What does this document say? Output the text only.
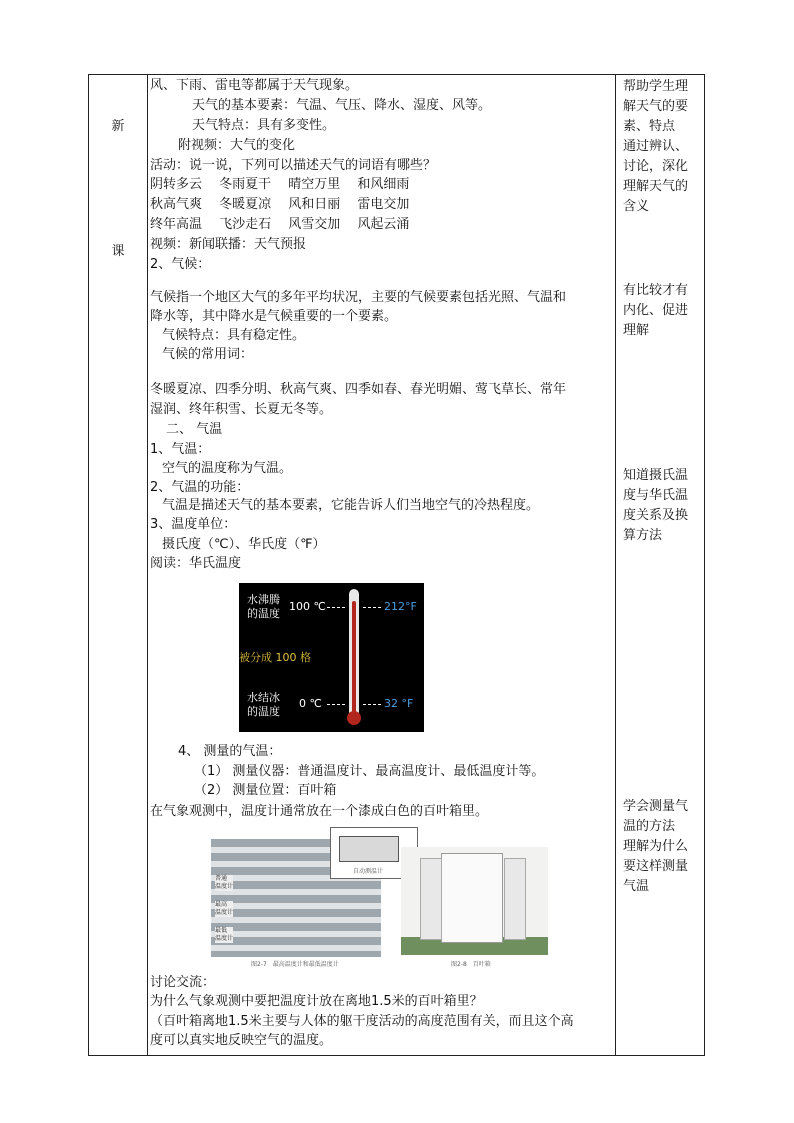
新
课
风、下雨、雷电等都属于天气现象。
天气的基本要素：气温、气压、降水、湿度、风等。
天气特点：具有多变性。
附视频：大气的变化
活动：说一说，下列可以描述天气的词语有哪些？
阴转多云　 冬雨夏干　 晴空万里　 和风细雨
秋高气爽　 冬暖夏凉　 风和日丽　 雷电交加
终年高温　 飞沙走石　 风雪交加　 风起云涌
视频：新闻联播：天气预报
2、气候：
气候指一个地区大气的多年平均状况，主要的气候要素包括光照、气温和
降水等，其中降水是气候重要的一个要素。
气候特点：具有稳定性。
气候的常用词：
冬暖夏凉、四季分明、秋高气爽、四季如春、春光明媚、莺飞草长、常年
湿润、终年积雪、长夏无冬等。
二、 气温
1、气温：
空气的温度称为气温。
2、气温的功能：
气温是描述天气的基本要素，它能告诉人们当地空气的冷热程度。
3、温度单位：
摄氏度（℃）、华氏度（℉）
阅读：华氏温度
水沸腾
的温度
100 ℃	212°F
被分成 100 格
水结冰
的温度
0 ℃	32 °F
4、 测量的气温：
（1） 测量仪器：普通温度计、最高温度计、最低温度计等。
（2） 测量位置：百叶箱
在气象观测中，温度计通常放在一个漆成白色的百叶箱里。
普通
温度计
最高
温度计
最低
温度计
自动测温计
图2-7　最高温度计和最低温度计	图2-8　百叶箱
讨论交流：
为什么气象观测中要把温度计放在离地1.5米的百叶箱里？
（百叶箱离地1.5米主要与人体的躯干度活动的高度范围有关，而且这个高
度可以真实地反映空气的温度。
帮助学生理
解天气的要
素、特点
通过辨认、
讨论，深化
理解天气的
含义
有比较才有
内化、促进
理解
知道摄氏温
度与华氏温
度关系及换
算方法
学会测量气
温的方法
理解为什么
要这样测量
气温
